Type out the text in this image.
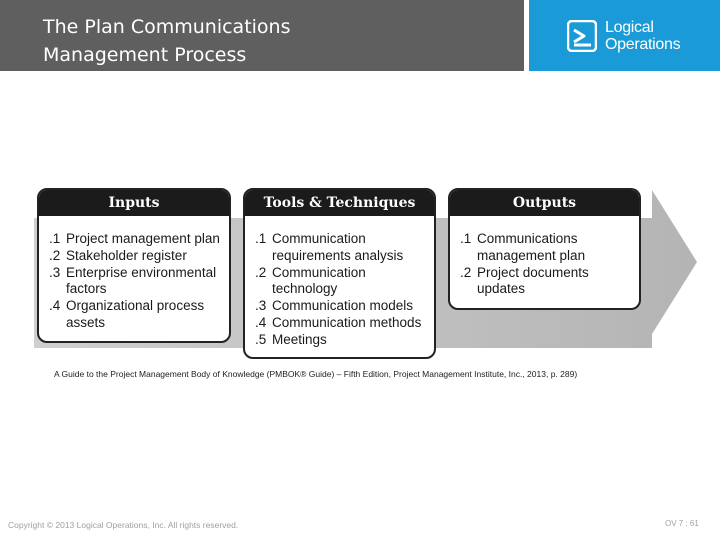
The Plan Communications
Management Process
Logical
Operations
Inputs
.1 Project management plan
.2 Stakeholder register
.3 Enterprise environmental factors
.4 Organizational process assets
Tools & Techniques
.1 Communication requirements analysis
.2 Communication technology
.3 Communication models
.4 Communication methods
.5 Meetings
Outputs
.1 Communications management plan
.2 Project documents updates

A Guide to the Project Management Body of Knowledge (PMBOK® Guide) – Fifth Edition, Project Management Institute, Inc., 2013, p. 289)

Copyright © 2013 Logical Operations, Inc. All rights reserved.	OV 7 : 61
